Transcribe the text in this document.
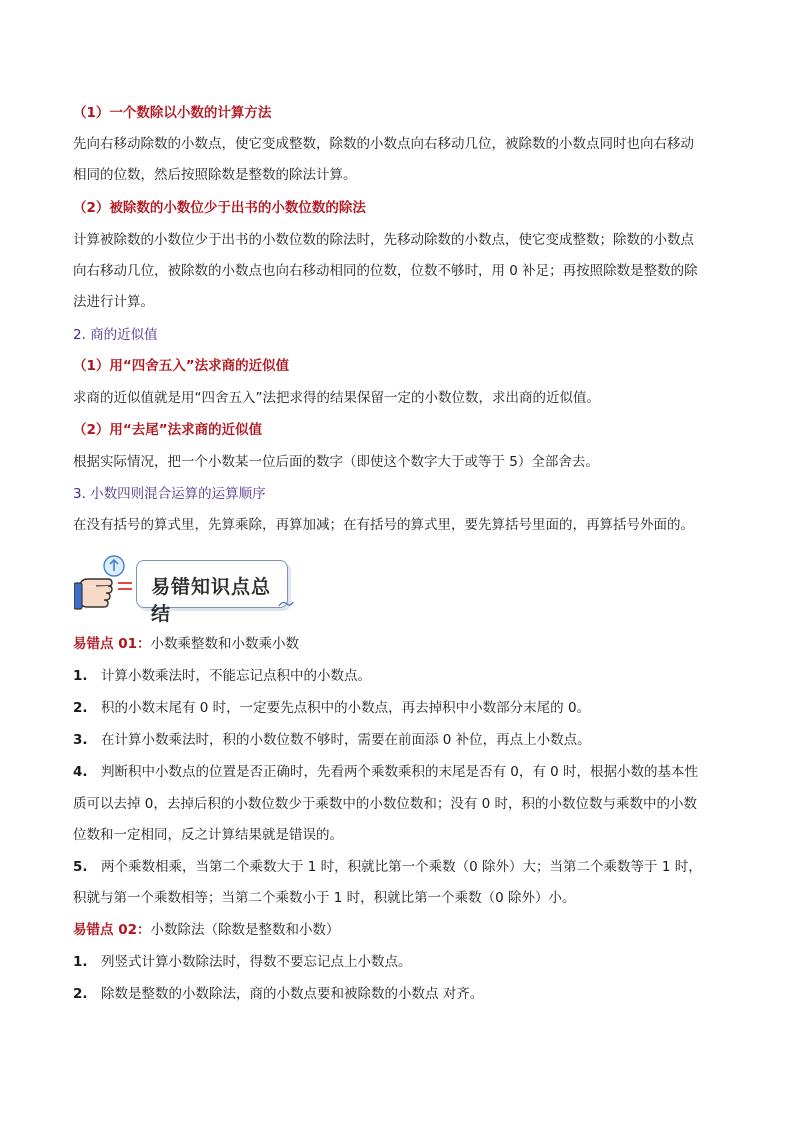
（1）一个数除以小数的计算方法
先向右移动除数的小数点，使它变成整数，除数的小数点向右移动几位，被除数的小数点同时也向右移动
相同的位数，然后按照除数是整数的除法计算。
（2）被除数的小数位少于出书的小数位数的除法
计算被除数的小数位少于出书的小数位数的除法时，先移动除数的小数点，使它变成整数；除数的小数点
向右移动几位，被除数的小数点也向右移动相同的位数，位数不够时，用 0 补足；再按照除数是整数的除
法进行计算。
2. 商的近似值
（1）用“四舍五入”法求商的近似值
求商的近似值就是用“四舍五入”法把求得的结果保留一定的小数位数，求出商的近似值。
（2）用“去尾”法求商的近似值
根据实际情况，把一个小数某一位后面的数字（即使这个数字大于或等于 5）全部舍去。
3. 小数四则混合运算的运算顺序
在没有括号的算式里，先算乘除，再算加减；在有括号的算式里，要先算括号里面的，再算括号外面的。
易错知识点总结
易错点 01：小数乘整数和小数乘小数
1. 计算小数乘法时，不能忘记点积中的小数点。
2. 积的小数末尾有 0 时，一定要先点积中的小数点，再去掉积中小数部分末尾的 0。
3. 在计算小数乘法时，积的小数位数不够时，需要在前面添 0 补位，再点上小数点。
4. 判断积中小数点的位置是否正确时，先看两个乘数乘积的末尾是否有 0，有 0 时，根据小数的基本性
质可以去掉 0，去掉后积的小数位数少于乘数中的小数位数和；没有 0 时，积的小数位数与乘数中的小数
位数和一定相同，反之计算结果就是错误的。
5. 两个乘数相乘，当第二个乘数大于 1 时，积就比第一个乘数（0 除外）大；当第二个乘数等于 1 时，
积就与第一个乘数相等；当第二个乘数小于 1 时，积就比第一个乘数（0 除外）小。
易错点 02：小数除法（除数是整数和小数）
1. 列竖式计算小数除法时，得数不要忘记点上小数点。
2. 除数是整数的小数除法，商的小数点要和被除数的小数点 对齐。
